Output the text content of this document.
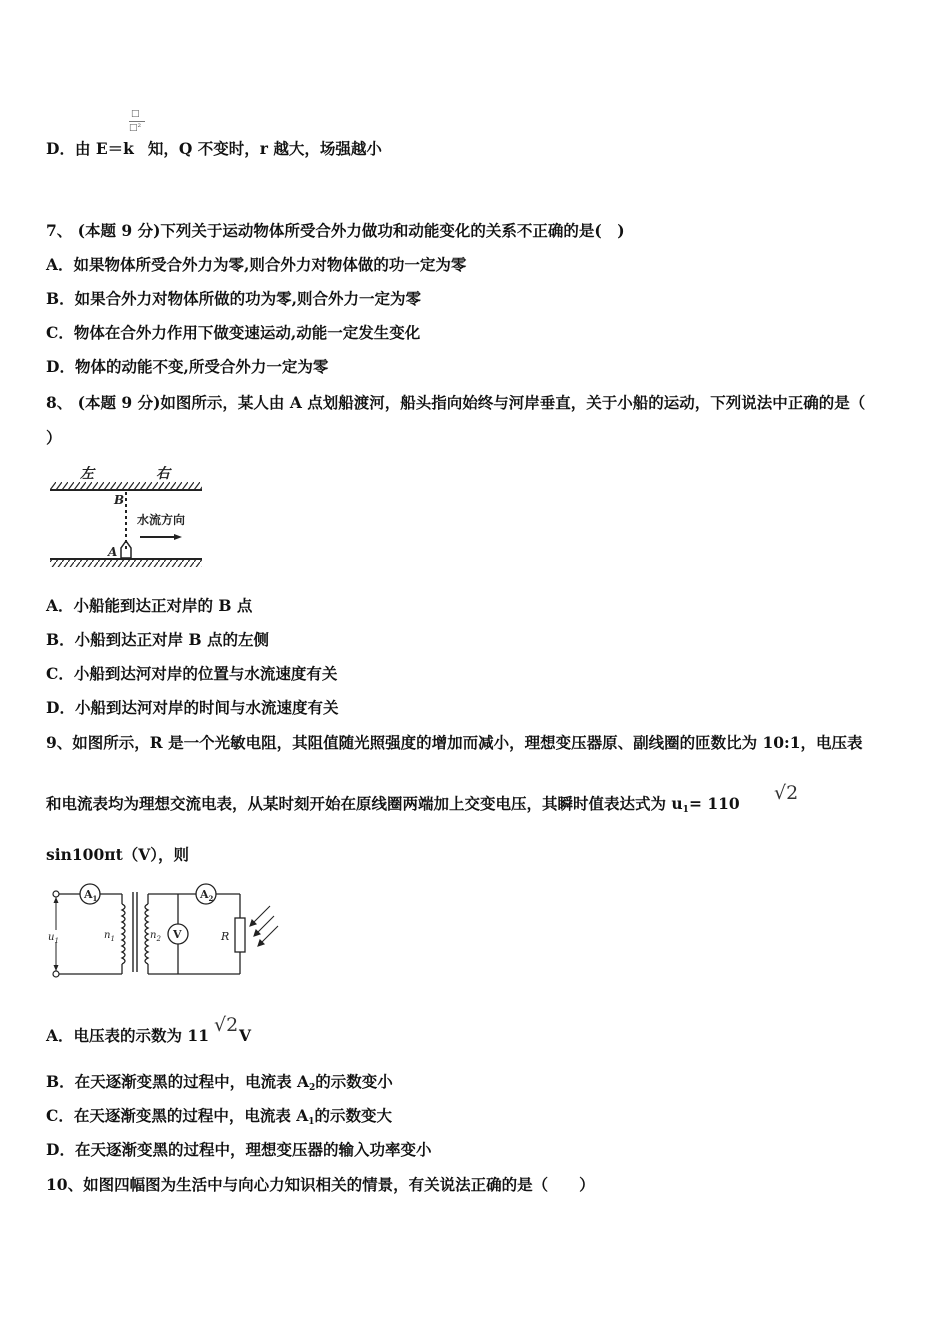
□
□²
D．由 E＝k 知，Q 不变时，r 越大，场强越小
7、 (本题 9 分)下列关于运动物体所受合外力做功和动能变化的关系不正确的是(　)
A．如果物体所受合外力为零,则合外力对物体做的功一定为零
B．如果合外力对物体所做的功为零,则合外力一定为零
C．物体在合外力作用下做变速运动,动能一定发生变化
D．物体的动能不变,所受合外力一定为零
8、 (本题 9 分)如图所示，某人由 A 点划船渡河，船头指向始终与河岸垂直，关于小船的运动，下列说法中正确的是（
）
左	右
B
水流方向
A
A．小船能到达正对岸的 B 点
B．小船到达正对岸 B 点的左侧
C．小船到达河对岸的位置与水流速度有关
D．小船到达河对岸的时间与水流速度有关
9、如图所示，R 是一个光敏电阻，其阻值随光照强度的增加而减小，理想变压器原、副线圈的匝数比为 10:1，电压表
和电流表均为理想交流电表，从某时刻开始在原线圈两端加上交变电压，其瞬时值表达式为 $u_1= 110$ √2
sin100πt（V），则
$A_1$
$u_1$	$n_1$	$n_2$
$A_2$
V	R
A．电压表的示数为 11 V
√2
B．在天逐渐变黑的过程中，电流表 $A_2$的示数变小
C．在天逐渐变黑的过程中，电流表 $A_1$的示数变大
D．在天逐渐变黑的过程中，理想变压器的输入功率变小
10、如图四幅图为生活中与向心力知识相关的情景，有关说法正确的是（　　）
